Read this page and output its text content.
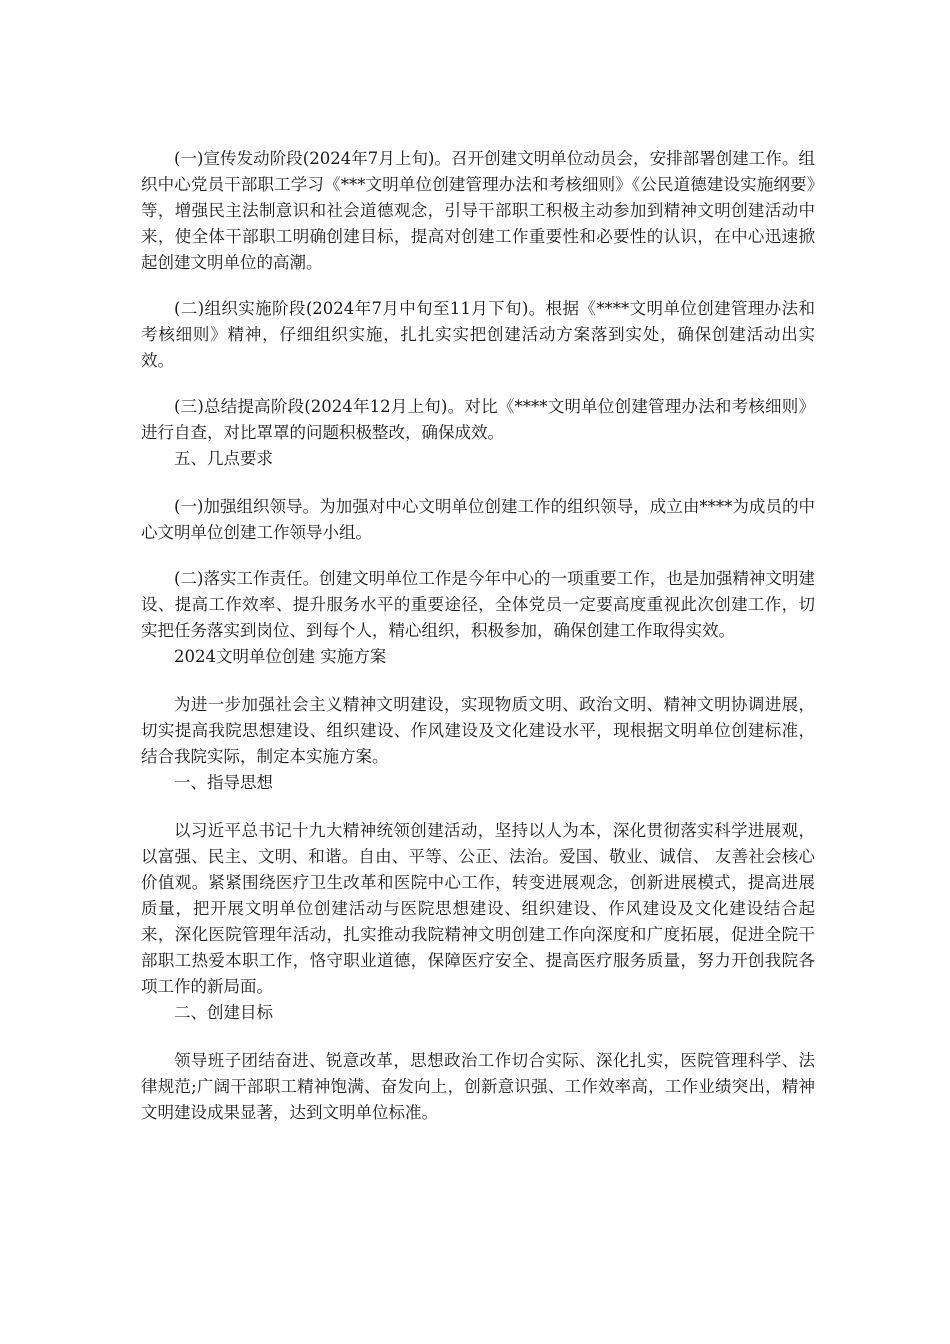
(一)宣传发动阶段(2024年7月上旬)。召开创建文明单位动员会，安排部署创建工作。组织中心党员干部职工学习《***文明单位创建管理办法和考核细则》《公民道德建设实施纲要》等，增强民主法制意识和社会道德观念，引导干部职工积极主动参加到精神文明创建活动中来，使全体干部职工明确创建目标，提高对创建工作重要性和必要性的认识，在中心迅速掀起创建文明单位的高潮。

(二)组织实施阶段(2024年7月中旬至11月下旬)。根据《****文明单位创建管理办法和考核细则》精神，仔细组织实施，扎扎实实把创建活动方案落到实处，确保创建活动出实效。

(三)总结提高阶段(2024年12月上旬)。对比《****文明单位创建管理办法和考核细则》进行自查，对比罩罩的问题积极整改，确保成效。

五、几点要求

(一)加强组织领导。为加强对中心文明单位创建工作的组织领导，成立由****为成员的中心文明单位创建工作领导小组。

(二)落实工作责任。创建文明单位工作是今年中心的一项重要工作，也是加强精神文明建设、提高工作效率、提升服务水平的重要途径，全体党员一定要高度重视此次创建工作，切实把任务落实到岗位、到每个人，精心组织，积极参加，确保创建工作取得实效。

2024文明单位创建 实施方案

为进一步加强社会主义精神文明建设，实现物质文明、政治文明、精神文明协调进展，切实提高我院思想建设、组织建设、作风建设及文化建设水平，现根据文明单位创建标准，结合我院实际，制定本实施方案。

一、指导思想

以习近平总书记十九大精神统领创建活动，坚持以人为本，深化贯彻落实科学进展观，以富强、民主、文明、和谐。自由、平等、公正、法治。爱国、敬业、诚信、 友善社会核心价值观。紧紧围绕医疗卫生改革和医院中心工作，转变进展观念，创新进展模式，提高进展质量，把开展文明单位创建活动与医院思想建设、组织建设、作风建设及文化建设结合起来，深化医院管理年活动，扎实推动我院精神文明创建工作向深度和广度拓展，促进全院干部职工热爱本职工作，恪守职业道德，保障医疗安全、提高医疗服务质量，努力开创我院各项工作的新局面。

二、创建目标

领导班子团结奋进、锐意改革，思想政治工作切合实际、深化扎实，医院管理科学、法律规范;广阔干部职工精神饱满、奋发向上，创新意识强、工作效率高，工作业绩突出，精神文明建设成果显著，达到文明单位标准。
